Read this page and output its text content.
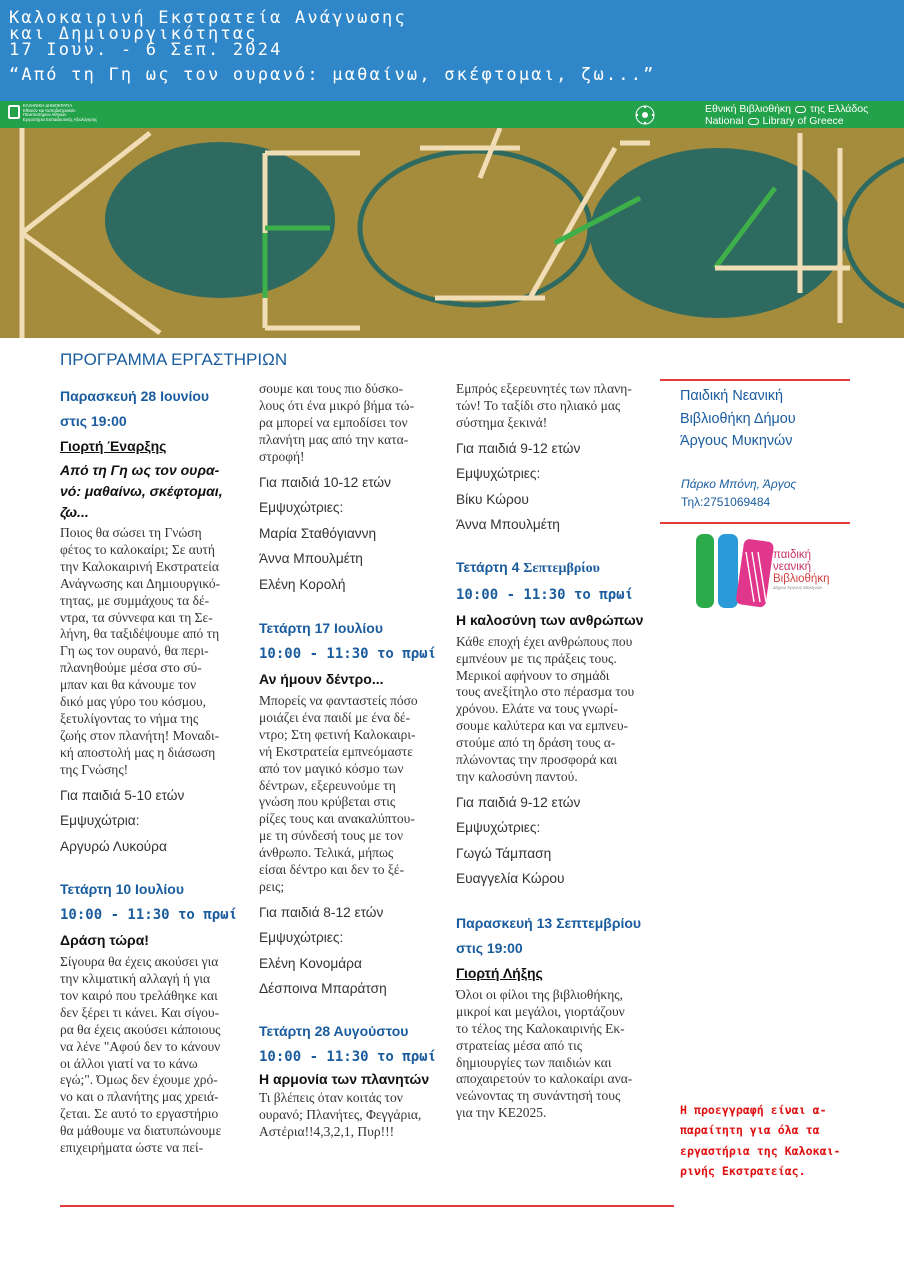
Καλοκαιρινή Εκστρατεία Ανάγνωσης
και Δημιουργικότητας
17 Ιουν. - 6 Σεπ. 2024
“Από τη Γη ως τον ουρανό: μαθαίνω, σκέφτομαι, ζω...”
ΕΛΛΗΝΙΚΗ ΔΗΜΟΚΡΑΤΙΑ
Εθνικόν και Καποδιστριακόν
Πανεπιστήμιον Αθηνών
Εργαστήριο Εκπαιδευτικής Αξιολόγησης
Εθνική Βιβλιοθήκη της Ελλάδος
National Library of Greece
ΠΡΟΓΡΑΜΜΑ ΕΡΓΑΣΤΗΡΙΩΝ
Παρασκευή 28 Ιουνίου
στις 19:00
Γιορτή Έναρξης
Από τη Γη ως τον ουρα-
νό: μαθαίνω, σκέφτομαι,
ζω...
Ποιος θα σώσει τη Γνώση
φέτος το καλοκαίρι; Σε αυτή
την Καλοκαιρινή Εκστρατεία
Ανάγνωσης και Δημιουργικό-
τητας, με συμμάχους τα δέ-
ντρα, τα σύννεφα και τη Σε-
λήνη, θα ταξιδέψουμε από τη
Γη ως τον ουρανό, θα περι-
πλανηθούμε μέσα στο σύ-
μπαν και θα κάνουμε τον
δικό μας γύρο του κόσμου,
ξετυλίγοντας το νήμα της
ζωής στον πλανήτη! Μοναδι-
κή αποστολή μας η διάσωση
της Γνώσης!
Για παιδιά 5-10 ετών
Εμψυχώτρια:
Αργυρώ Λυκούρα
Τετάρτη 10 Ιουλίου
10:00 - 11:30 το πρωί
Δράση τώρα!
Σίγουρα θα έχεις ακούσει για
την κλιματική αλλαγή ή για
τον καιρό που τρελάθηκε και
δεν ξέρει τι κάνει. Και σίγου-
ρα θα έχεις ακούσει κάποιους
να λένε "Αφού δεν το κάνουν
οι άλλοι γιατί να το κάνω
εγώ;". Όμως δεν έχουμε χρό-
νο και ο πλανήτης μας χρειά-
ζεται. Σε αυτό το εργαστήριο
θα μάθουμε να διατυπώνουμε
επιχειρήματα ώστε να πεί-
σουμε και τους πιο δύσκο-
λους ότι ένα μικρό βήμα τώ-
ρα μπορεί να εμποδίσει τον
πλανήτη μας από την κατα-
στροφή!
Για παιδιά 10-12 ετών
Εμψυχώτριες:
Μαρία Σταθόγιαννη
Άννα Μπουλμέτη
Ελένη Κορολή
Τετάρτη 17 Ιουλίου
10:00 - 11:30 το πρωί
Αν ήμουν δέντρο...
Μπορείς να φανταστείς πόσο
μοιάζει ένα παιδί με ένα δέ-
ντρο; Στη φετινή Καλοκαιρι-
νή Εκστρατεία εμπνεόμαστε
από τον μαγικό κόσμο των
δέντρων, εξερευνούμε τη
γνώση που κρύβεται στις
ρίζες τους και ανακαλύπτου-
με τη σύνδεσή τους με τον
άνθρωπο. Τελικά, μήπως
είσαι δέντρο και δεν το ξέ-
ρεις;
Για παιδιά 8-12 ετών
Εμψυχώτριες:
Ελένη Κονομάρα
Δέσποινα Μπαράτση
Τετάρτη 28 Αυγούστου
10:00 - 11:30 το πρωί
Η αρμονία των πλανητών
Τι βλέπεις όταν κοιτάς τον
ουρανό; Πλανήτες, Φεγγάρια,
Αστέρια!!4,3,2,1, Πυρ!!!
Εμπρός εξερευνητές των πλανη-
τών! Το ταξίδι στο ηλιακό μας
σύστημα ξεκινά!
Για παιδιά 9-12 ετών
Εμψυχώτριες:
Βίκυ Κώρου
Άννα Μπουλμέτη
Τετάρτη 4 Σεπτεμβρίου
10:00 - 11:30 το πρωί
Η καλοσύνη των ανθρώπων
Κάθε εποχή έχει ανθρώπους που
εμπνέουν με τις πράξεις τους.
Μερικοί αφήνουν το σημάδι
τους ανεξίτηλο στο πέρασμα του
χρόνου. Ελάτε να τους γνωρί-
σουμε καλύτερα και να εμπνευ-
στούμε από τη δράση τους α-
πλώνοντας την προσφορά και
την καλοσύνη παντού.
Για παιδιά 9-12 ετών
Εμψυχώτριες:
Γωγώ Τάμπαση
Ευαγγελία Κώρου
Παρασκευή 13 Σεπτεμβρίου
στις 19:00
Γιορτή Λήξης
Όλοι οι φίλοι της βιβλιοθήκης,
μικροί και μεγάλοι, γιορτάζουν
το τέλος της Καλοκαιρινής Εκ-
στρατείας μέσα από τις
δημιουργίες των παιδιών και
αποχαιρετούν το καλοκαίρι ανα-
νεώνοντας τη συνάντησή τους
για την ΚΕ2025.
Παιδική Νεανική
Βιβλιοθήκη Δήμου
Άργους Μυκηνών
Πάρκο Μπόνη, Άργος
Τηλ:2751069484
παιδική
νεανική
Βιβλιοθήκη
Δήμου Άργους Μυκηνών
Η προεγγραφή είναι α-
παραίτητη για όλα τα
εργαστήρια της Καλοκαι-
ρινής Εκστρατείας.
